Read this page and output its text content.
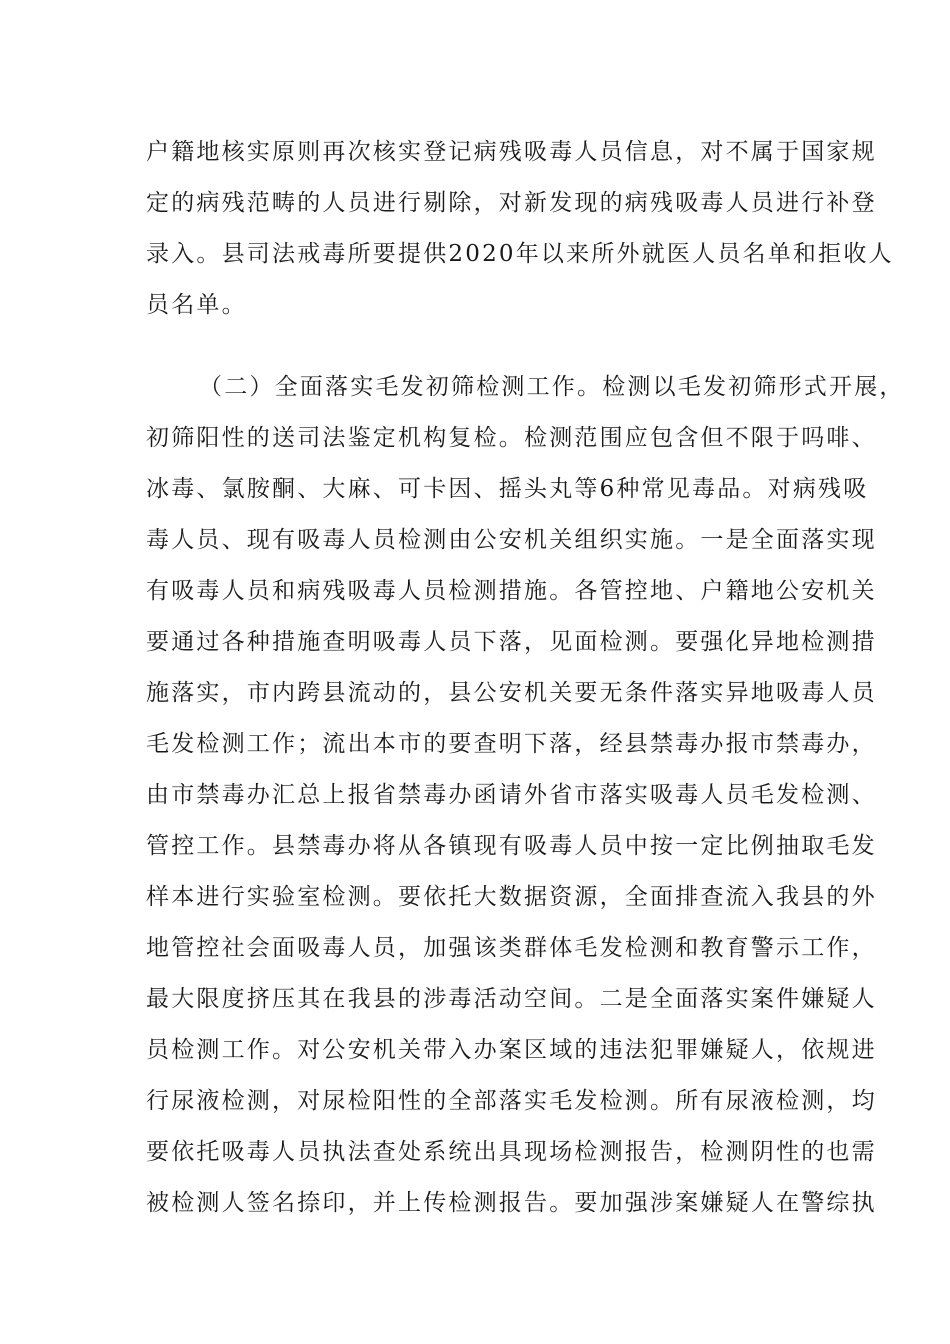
户籍地核实原则再次核实登记病残吸毒人员信息，对不属于国家规
定的病残范畴的人员进行剔除，对新发现的病残吸毒人员进行补登
录入。县司法戒毒所要提供2020年以来所外就医人员名单和拒收人
员名单。
（二）全面落实毛发初筛检测工作。检测以毛发初筛形式开展，
初筛阳性的送司法鉴定机构复检。检测范围应包含但不限于吗啡、
冰毒、氯胺酮、大麻、可卡因、摇头丸等6种常见毒品。对病残吸
毒人员、现有吸毒人员检测由公安机关组织实施。一是全面落实现
有吸毒人员和病残吸毒人员检测措施。各管控地、户籍地公安机关
要通过各种措施查明吸毒人员下落，见面检测。要强化异地检测措
施落实，市内跨县流动的，县公安机关要无条件落实异地吸毒人员
毛发检测工作；流出本市的要查明下落，经县禁毒办报市禁毒办，
由市禁毒办汇总上报省禁毒办函请外省市落实吸毒人员毛发检测、
管控工作。县禁毒办将从各镇现有吸毒人员中按一定比例抽取毛发
样本进行实验室检测。要依托大数据资源，全面排查流入我县的外
地管控社会面吸毒人员，加强该类群体毛发检测和教育警示工作，
最大限度挤压其在我县的涉毒活动空间。二是全面落实案件嫌疑人
员检测工作。对公安机关带入办案区域的违法犯罪嫌疑人，依规进
行尿液检测，对尿检阳性的全部落实毛发检测。所有尿液检测，均
要依托吸毒人员执法查处系统出具现场检测报告，检测阴性的也需
被检测人签名捺印，并上传检测报告。要加强涉案嫌疑人在警综执
